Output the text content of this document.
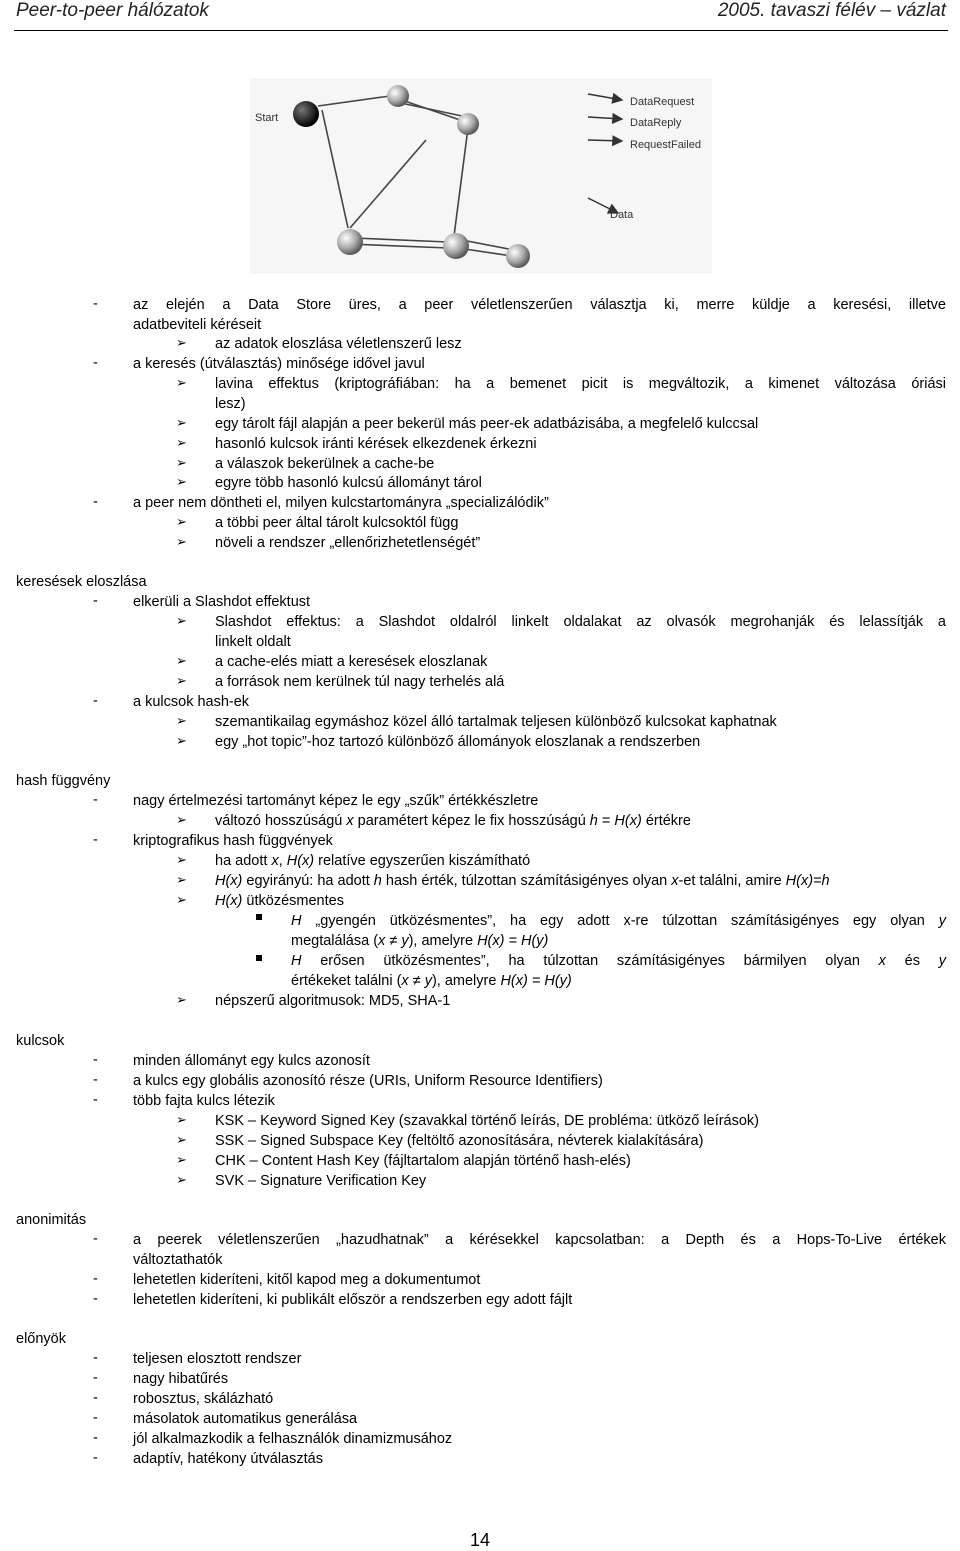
Peer-to-peer hálózatok	2005. tavaszi félév – vázlat
Start
DataRequest
DataReply
RequestFailed
Data
- az elején a Data Store üres, a peer véletlenszerűen választja ki, merre küldje a keresési, illetve
adatbeviteli kéréseit
➢ az adatok eloszlása véletlenszerű lesz
- a keresés (útválasztás) minősége idővel javul
➢ lavina effektus (kriptográfiában: ha a bemenet picit is megváltozik, a kimenet változása óriási
lesz)
➢ egy tárolt fájl alapján a peer bekerül más peer-ek adatbázisába, a megfelelő kulccsal
➢ hasonló kulcsok iránti kérések elkezdenek érkezni
➢ a válaszok bekerülnek a cache-be
➢ egyre több hasonló kulcsú állományt tárol
- a peer nem döntheti el, milyen kulcstartományra „specializálódik”
➢ a többi peer által tárolt kulcsoktól függ
➢ növeli a rendszer „ellenőrizhetetlenségét”
keresések eloszlása
- elkerüli a Slashdot effektust
➢ Slashdot effektus: a Slashdot oldalról linkelt oldalakat az olvasók megrohanják és lelassítják a
linkelt oldalt
➢ a cache-elés miatt a keresések eloszlanak
➢ a források nem kerülnek túl nagy terhelés alá
- a kulcsok hash-ek
➢ szemantikailag egymáshoz közel álló tartalmak teljesen különböző kulcsokat kaphatnak
➢ egy „hot topic”-hoz tartozó különböző állományok eloszlanak a rendszerben
hash függvény
- nagy értelmezési tartományt képez le egy „szűk” értékkészletre
➢ változó hosszúságú x paramétert képez le fix hosszúságú h = H(x) értékre
- kriptografikus hash függvények
➢ ha adott x, H(x) relatíve egyszerűen kiszámítható
➢ H(x) egyirányú: ha adott h hash érték, túlzottan számításigényes olyan x-et találni, amire H(x)=h
➢ H(x) ütközésmentes
H „gyengén ütközésmentes”, ha egy adott x-re túlzottan számításigényes egy olyan y
megtalálása (x ≠ y), amelyre H(x) = H(y)
H erősen ütközésmentes”, ha túlzottan számításigényes bármilyen olyan x és y
értékeket találni (x ≠ y), amelyre H(x) = H(y)
➢ népszerű algoritmusok: MD5, SHA-1
kulcsok
- minden állományt egy kulcs azonosít
- a kulcs egy globális azonosító része (URIs, Uniform Resource Identifiers)
- több fajta kulcs létezik
➢ KSK – Keyword Signed Key (szavakkal történő leírás, DE probléma: ütköző leírások)
➢ SSK – Signed Subspace Key (feltöltő azonosítására, névterek kialakítására)
➢ CHK – Content Hash Key (fájltartalom alapján történő hash-elés)
➢ SVK – Signature Verification Key
anonimitás
- a peerek véletlenszerűen „hazudhatnak” a kérésekkel kapcsolatban: a Depth és a Hops-To-Live értékek
változtathatók
- lehetetlen kideríteni, kitől kapod meg a dokumentumot
- lehetetlen kideríteni, ki publikált először a rendszerben egy adott fájlt
előnyök
- teljesen elosztott rendszer
- nagy hibatűrés
- robosztus, skálázható
- másolatok automatikus generálása
- jól alkalmazkodik a felhasználók dinamizmusához
- adaptív, hatékony útválasztás
14
